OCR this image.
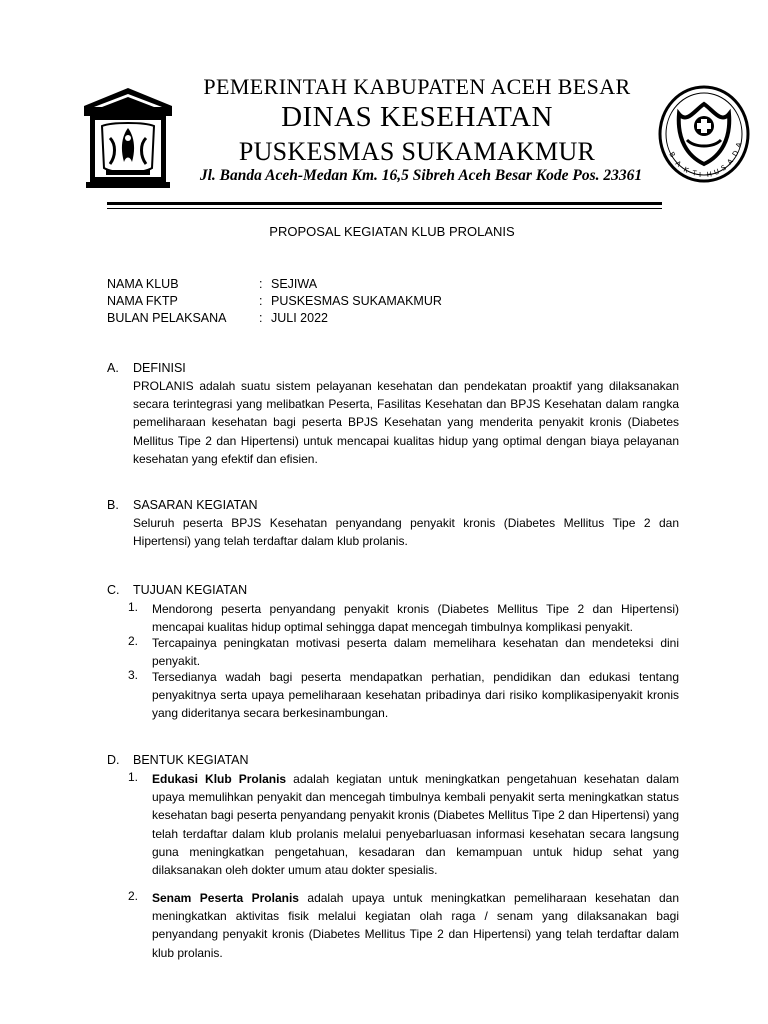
PEMERINTAH KABUPATEN ACEH BESAR
DINAS KESEHATAN
PUSKESMAS SUKAMAKMUR
Jl. Banda Aceh-Medan Km. 16,5 Sibreh Aceh Besar Kode Pos. 23361
B
A
K T I H U S
A
D
A
PROPOSAL KEGIATAN KLUB PROLANIS
NAMA KLUB	: SEJIWA
NAMA FKTP	: PUSKESMAS SUKAMAKMUR
BULAN PELAKSANA	: JULI 2022
A. DEFINISI
PROLANIS adalah suatu sistem pelayanan kesehatan dan pendekatan proaktif yang dilaksanakan secara terintegrasi yang melibatkan Peserta, Fasilitas Kesehatan dan BPJS Kesehatan dalam rangka pemeliharaan kesehatan bagi peserta BPJS Kesehatan yang menderita penyakit kronis (Diabetes Mellitus Tipe 2 dan Hipertensi) untuk mencapai kualitas hidup yang optimal dengan biaya pelayanan kesehatan yang efektif dan efisien.
B. SASARAN KEGIATAN
Seluruh peserta BPJS Kesehatan penyandang penyakit kronis (Diabetes Mellitus Tipe 2 dan Hipertensi) yang telah terdaftar dalam klub prolanis.
C. TUJUAN KEGIATAN
1. Mendorong peserta penyandang penyakit kronis (Diabetes Mellitus Tipe 2 dan Hipertensi) mencapai kualitas hidup optimal sehingga dapat mencegah timbulnya komplikasi penyakit.
2. Tercapainya peningkatan motivasi peserta dalam memelihara kesehatan dan mendeteksi dini penyakit.
3. Tersedianya wadah bagi peserta mendapatkan perhatian, pendidikan dan edukasi tentang penyakitnya serta upaya pemeliharaan kesehatan pribadinya dari risiko komplikasipenyakit kronis yang dideritanya secara berkesinambungan.
D. BENTUK KEGIATAN
1. Edukasi Klub Prolanis adalah kegiatan untuk meningkatkan pengetahuan kesehatan dalam upaya memulihkan penyakit dan mencegah timbulnya kembali penyakit serta meningkatkan status kesehatan bagi peserta penyandang penyakit kronis (Diabetes Mellitus Tipe 2 dan Hipertensi) yang telah terdaftar dalam klub prolanis melalui penyebarluasan informasi kesehatan secara langsung guna meningkatkan pengetahuan, kesadaran dan kemampuan untuk hidup sehat yang dilaksanakan oleh dokter umum atau dokter spesialis.
2. Senam Peserta Prolanis adalah upaya untuk meningkatkan pemeliharaan kesehatan dan meningkatkan aktivitas fisik melalui kegiatan olah raga / senam yang dilaksanakan bagi penyandang penyakit kronis (Diabetes Mellitus Tipe 2 dan Hipertensi) yang telah terdaftar dalam klub prolanis.
